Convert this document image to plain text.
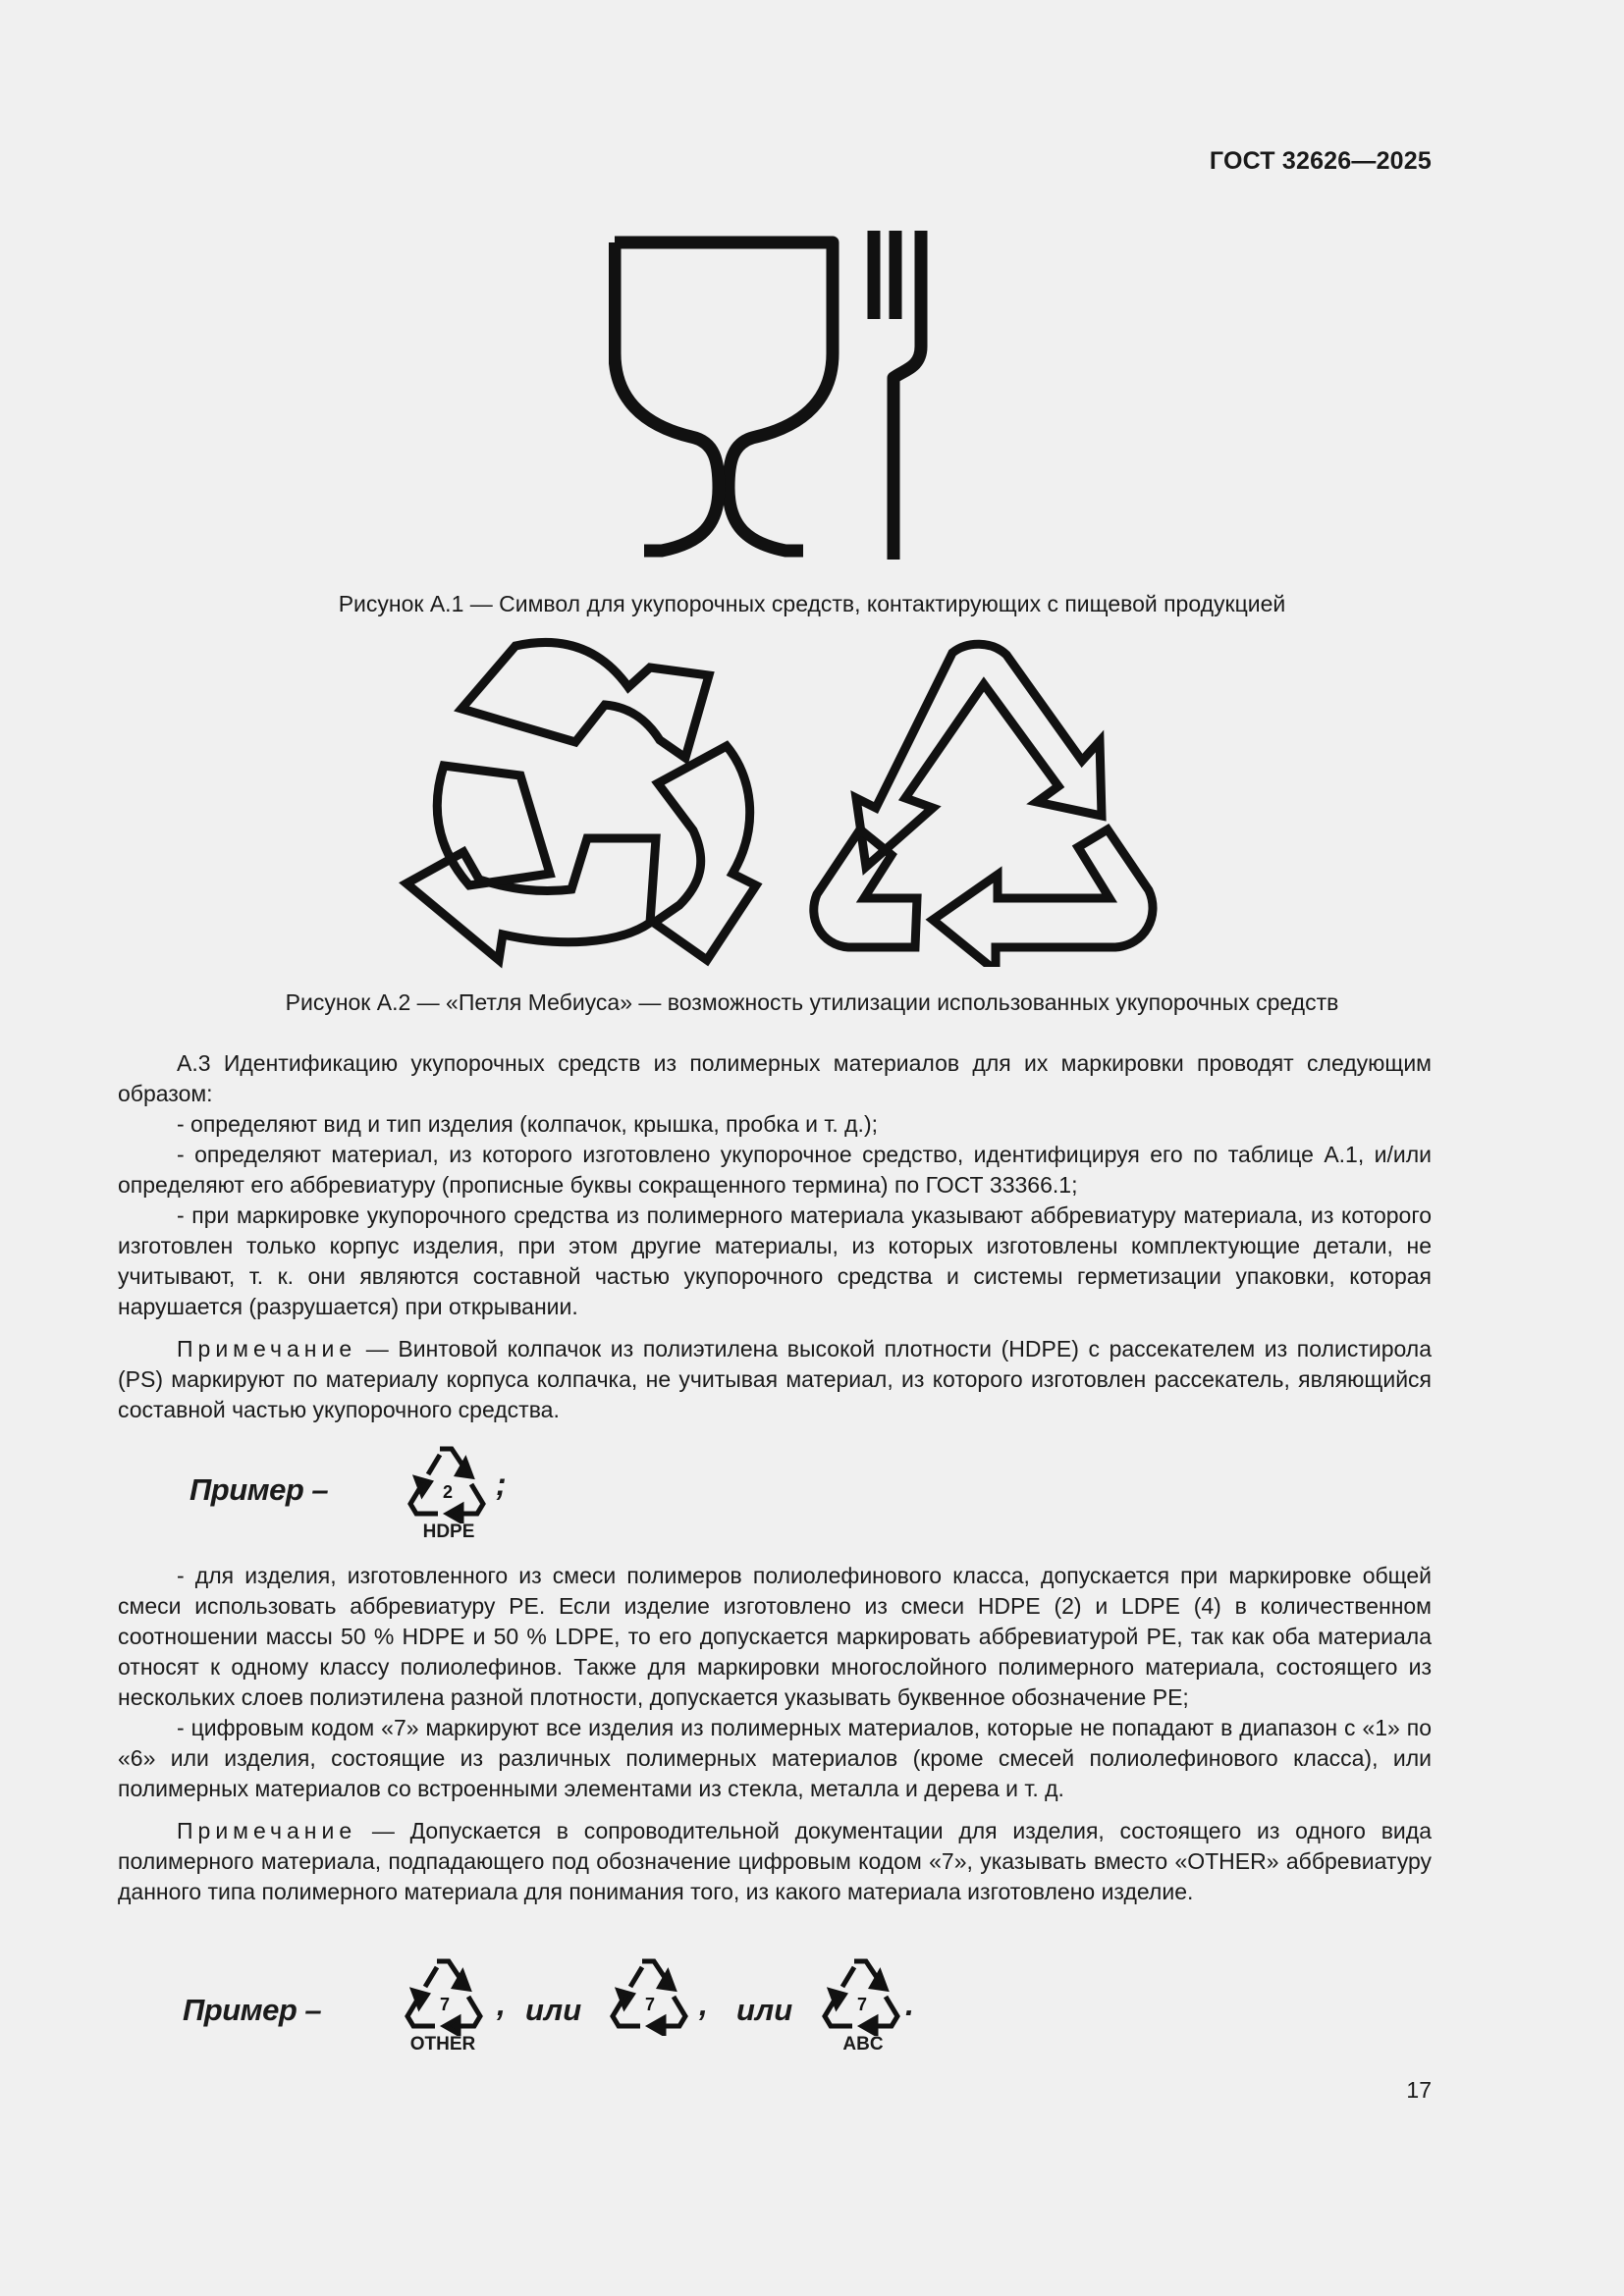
ГОСТ 32626—2025
Рисунок А.1 — Символ для укупорочных средств, контактирующих с пищевой продукцией
Рисунок А.2 — «Петля Мебиуса» — возможность утилизации использованных укупорочных средств

А.3 Идентификацию укупорочных средств из полимерных материалов для их маркировки проводят следующим образом:

- определяют вид и тип изделия (колпачок, крышка, пробка и т. д.);

- определяют материал, из которого изготовлено укупорочное средство, идентифицируя его по таблице А.1, и/или определяют его аббревиатуру (прописные буквы сокращенного термина) по ГОСТ 33366.1;

- при маркировке укупорочного средства из полимерного материала указывают аббревиатуру материала, из которого изготовлен только корпус изделия, при этом другие материалы, из которых изготовлены комплектующие детали, не учитывают, т. к. они являются составной частью укупорочного средства и системы герметизации упаковки, которая нарушается (разрушается) при открывании.

Примечание — Винтовой колпачок из полиэтилена высокой плотности (HDPE) с рассекателем из полистирола (PS) маркируют по материалу корпуса колпачка, не учитывая материал, из которого изготовлен рассекатель, являющийся составной частью укупорочного средства.

Пример –	2
HDPE
;

- для изделия, изготовленного из смеси полимеров полиолефинового класса, допускается при маркировке общей смеси использовать аббревиатуру PE. Если изделие изготовлено из смеси HDPE (2) и LDPE (4) в количественном соотношении массы 50 % HDPE и 50 % LDPE, то его допускается маркировать аббревиатурой PE, так как оба материала относят к одному классу полиолефинов. Также для маркировки многослойного полимерного материала, состоящего из нескольких слоев полиэтилена разной плотности, допускается указывать буквенное обозначение PE;

- цифровым кодом «7» маркируют все изделия из полимерных материалов, которые не попадают в диапазон с «1» по «6» или изделия, состоящие из различных полимерных материалов (кроме смесей полиолефинового класса), или полимерных материалов со встроенными элементами из стекла, металла и дерева и т. д.

Примечание — Допускается в сопроводительной документации для изделия, состоящего из одного вида полимерного материала, подпадающего под обозначение цифровым кодом «7», указывать вместо «OTHER» аббревиатуру данного типа полимерного материала для понимания того, из какого материала изготовлено изделие.

Пример –	7
OTHER
, или	7 , или	7
ABC
.
17
